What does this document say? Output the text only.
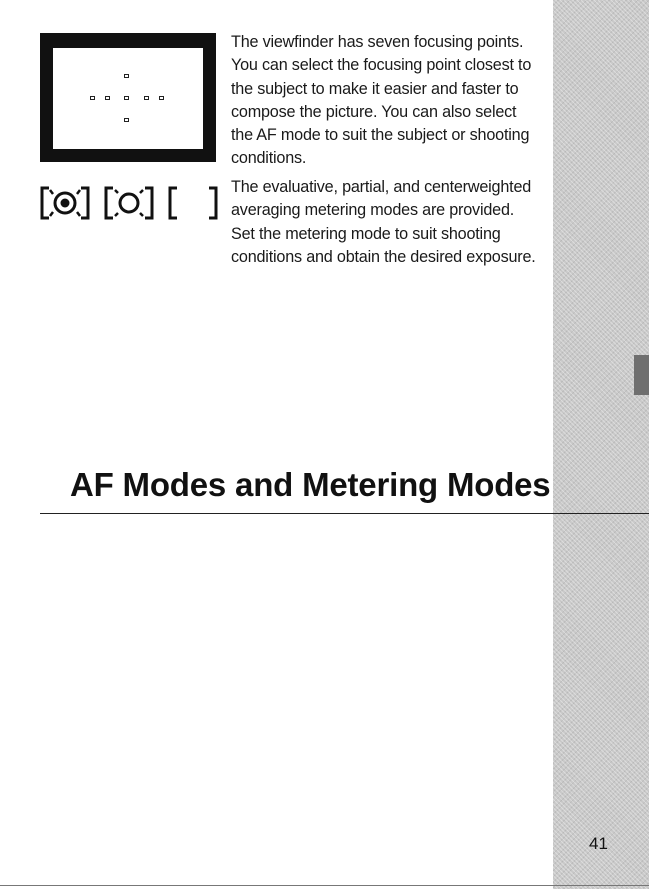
The viewfinder has seven focusing points. You can select the focusing point closest to the subject to make it easier and faster to compose the picture. You can also select the AF mode to suit the subject or shooting conditions.

The evaluative, partial, and centerweighted averaging metering modes are provided. Set the metering mode to suit shooting conditions and obtain the desired exposure.

AF Modes and Metering Modes

41
